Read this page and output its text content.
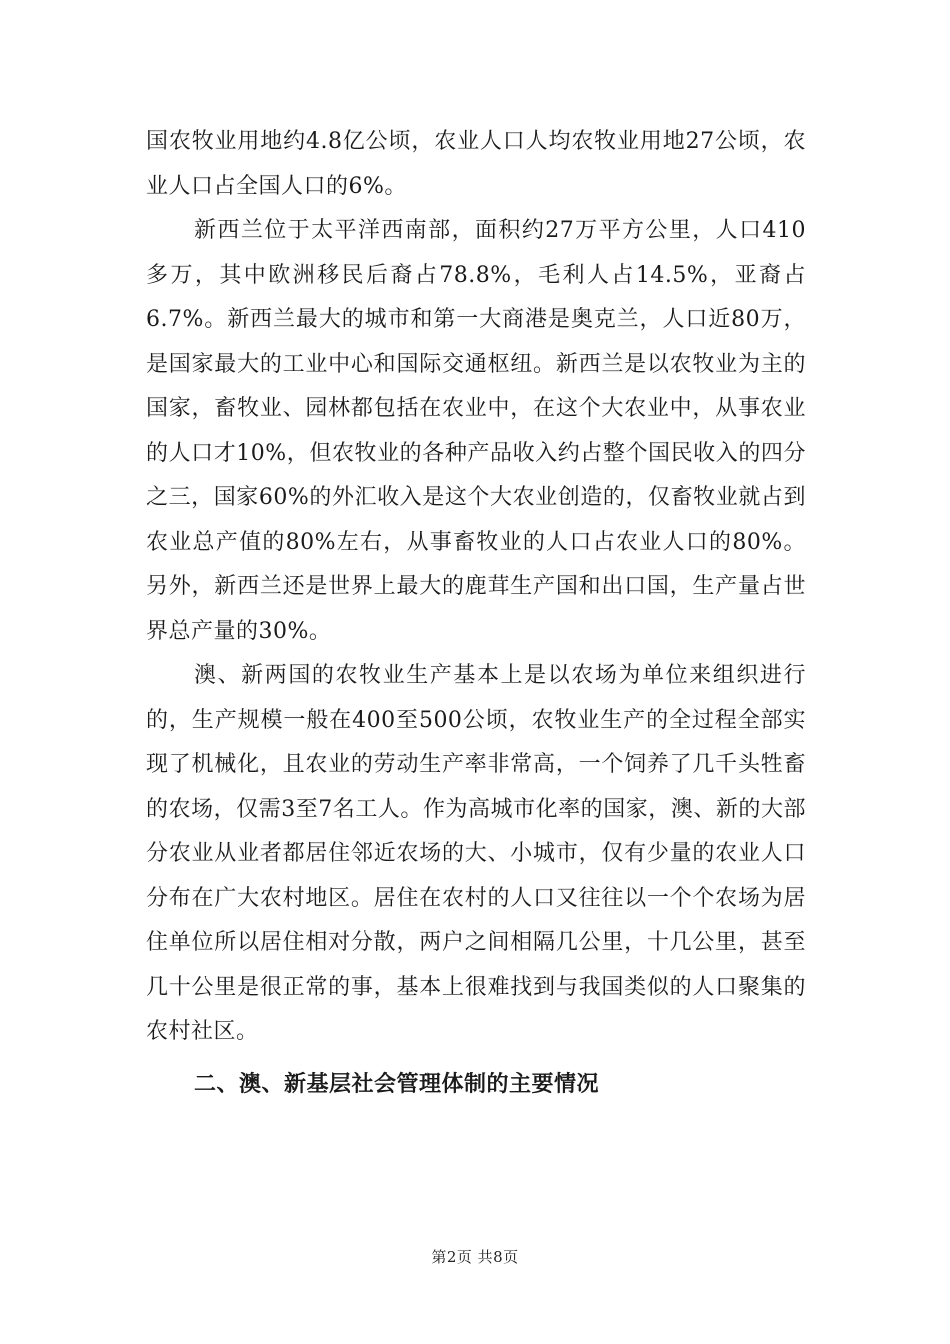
国农牧业用地约4.8亿公顷，农业人口人均农牧业用地27公顷，农业人口占全国人口的6%。

新西兰位于太平洋西南部，面积约27万平方公里，人口410多万，其中欧洲移民后裔占78.8%，毛利人占14.5%，亚裔占6.7%。新西兰最大的城市和第一大商港是奥克兰，人口近80万，是国家最大的工业中心和国际交通枢纽。新西兰是以农牧业为主的国家，畜牧业、园林都包括在农业中，在这个大农业中，从事农业的人口才10%，但农牧业的各种产品收入约占整个国民收入的四分之三，国家60%的外汇收入是这个大农业创造的，仅畜牧业就占到农业总产值的80%左右，从事畜牧业的人口占农业人口的80%。另外，新西兰还是世界上最大的鹿茸生产国和出口国，生产量占世界总产量的30%。

澳、新两国的农牧业生产基本上是以农场为单位来组织进行的，生产规模一般在400至500公顷，农牧业生产的全过程全部实现了机械化，且农业的劳动生产率非常高，一个饲养了几千头牲畜的农场，仅需3至7名工人。作为高城市化率的国家，澳、新的大部分农业从业者都居住邻近农场的大、小城市，仅有少量的农业人口分布在广大农村地区。居住在农村的人口又往往以一个个农场为居住单位所以居住相对分散，两户之间相隔几公里，十几公里，甚至几十公里是很正常的事，基本上很难找到与我国类似的人口聚集的农村社区。

二、澳、新基层社会管理体制的主要情况
第2页 共8页
